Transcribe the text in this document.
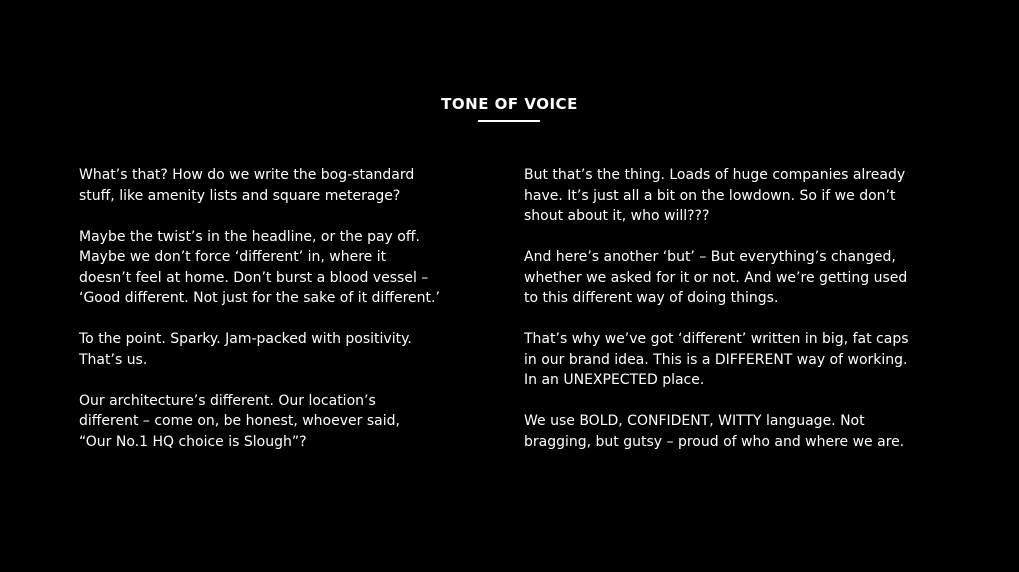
TONE OF VOICE

What’s that? How do we write the bog-standard
stuff, like amenity lists and square meterage?

Maybe the twist’s in the headline, or the pay off.
Maybe we don’t force ‘different’ in, where it
doesn’t feel at home. Don’t burst a blood vessel –
‘Good different. Not just for the sake of it different.’

To the point. Sparky. Jam-packed with positivity.
That’s us.

Our architecture’s different. Our location’s
different – come on, be honest, whoever said,
“Our No.1 HQ choice is Slough”?

But that’s the thing. Loads of huge companies already
have. It’s just all a bit on the lowdown. So if we don’t
shout about it, who will???

And here’s another ‘but’ – But everything’s changed,
whether we asked for it or not. And we’re getting used
to this different way of doing things.

That’s why we’ve got ‘different’ written in big, fat caps
in our brand idea. This is a DIFFERENT way of working.
In an UNEXPECTED place.

We use BOLD, CONFIDENT, WITTY language. Not
bragging, but gutsy – proud of who and where we are.
